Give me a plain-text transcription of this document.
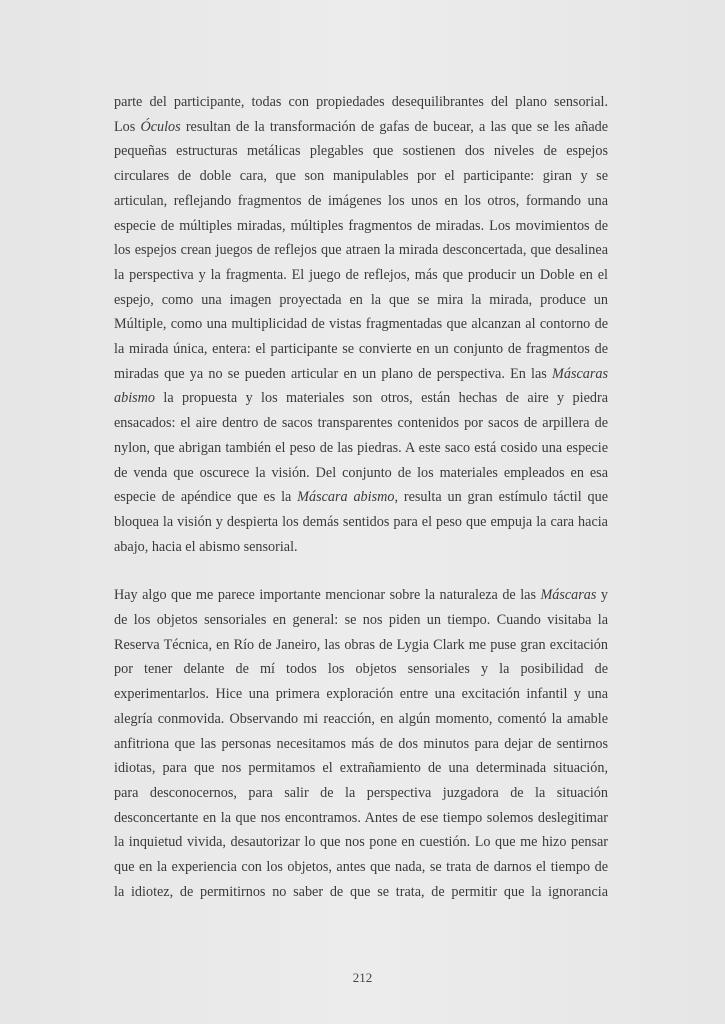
parte del participante, todas con propiedades desequilibrantes del plano sensorial.
Los Óculos resultan de la transformación de gafas de bucear, a las que se les añade
pequeñas estructuras metálicas plegables que sostienen dos niveles de espejos
circulares de doble cara, que son manipulables por el participante: giran y se
articulan, reflejando fragmentos de imágenes los unos en los otros, formando una
especie de múltiples miradas, múltiples fragmentos de miradas. Los movimientos de
los espejos crean juegos de reflejos que atraen la mirada desconcertada, que desalinea
la perspectiva y la fragmenta. El juego de reflejos, más que producir un Doble en el
espejo, como una imagen proyectada en la que se mira la mirada, produce un
Múltiple, como una multiplicidad de vistas fragmentadas que alcanzan al contorno de
la mirada única, entera: el participante se convierte en un conjunto de fragmentos de
miradas que ya no se pueden articular en un plano de perspectiva. En las Máscaras
abismo la propuesta y los materiales son otros, están hechas de aire y piedra
ensacados: el aire dentro de sacos transparentes contenidos por sacos de arpillera de
nylon, que abrigan también el peso de las piedras. A este saco está cosido una especie
de venda que oscurece la visión. Del conjunto de los materiales empleados en esa
especie de apéndice que es la Máscara abismo, resulta un gran estímulo táctil que
bloquea la visión y despierta los demás sentidos para el peso que empuja la cara hacia
abajo, hacia el abismo sensorial.

Hay algo que me parece importante mencionar sobre la naturaleza de las Máscaras y
de los objetos sensoriales en general: se nos piden un tiempo. Cuando visitaba la
Reserva Técnica, en Río de Janeiro, las obras de Lygia Clark me puse gran excitación
por tener delante de mí todos los objetos sensoriales y la posibilidad de
experimentarlos. Hice una primera exploración entre una excitación infantil y una
alegría conmovida. Observando mi reacción, en algún momento, comentó la amable
anfitriona que las personas necesitamos más de dos minutos para dejar de sentirnos
idiotas, para que nos permitamos el extrañamiento de una determinada situación,
para desconocernos, para salir de la perspectiva juzgadora de la situación
desconcertante en la que nos encontramos. Antes de ese tiempo solemos deslegitimar
la inquietud vivida, desautorizar lo que nos pone en cuestión. Lo que me hizo pensar
que en la experiencia con los objetos, antes que nada, se trata de darnos el tiempo de
la idiotez, de permitirnos no saber de que se trata, de permitir que la ignorancia

212
